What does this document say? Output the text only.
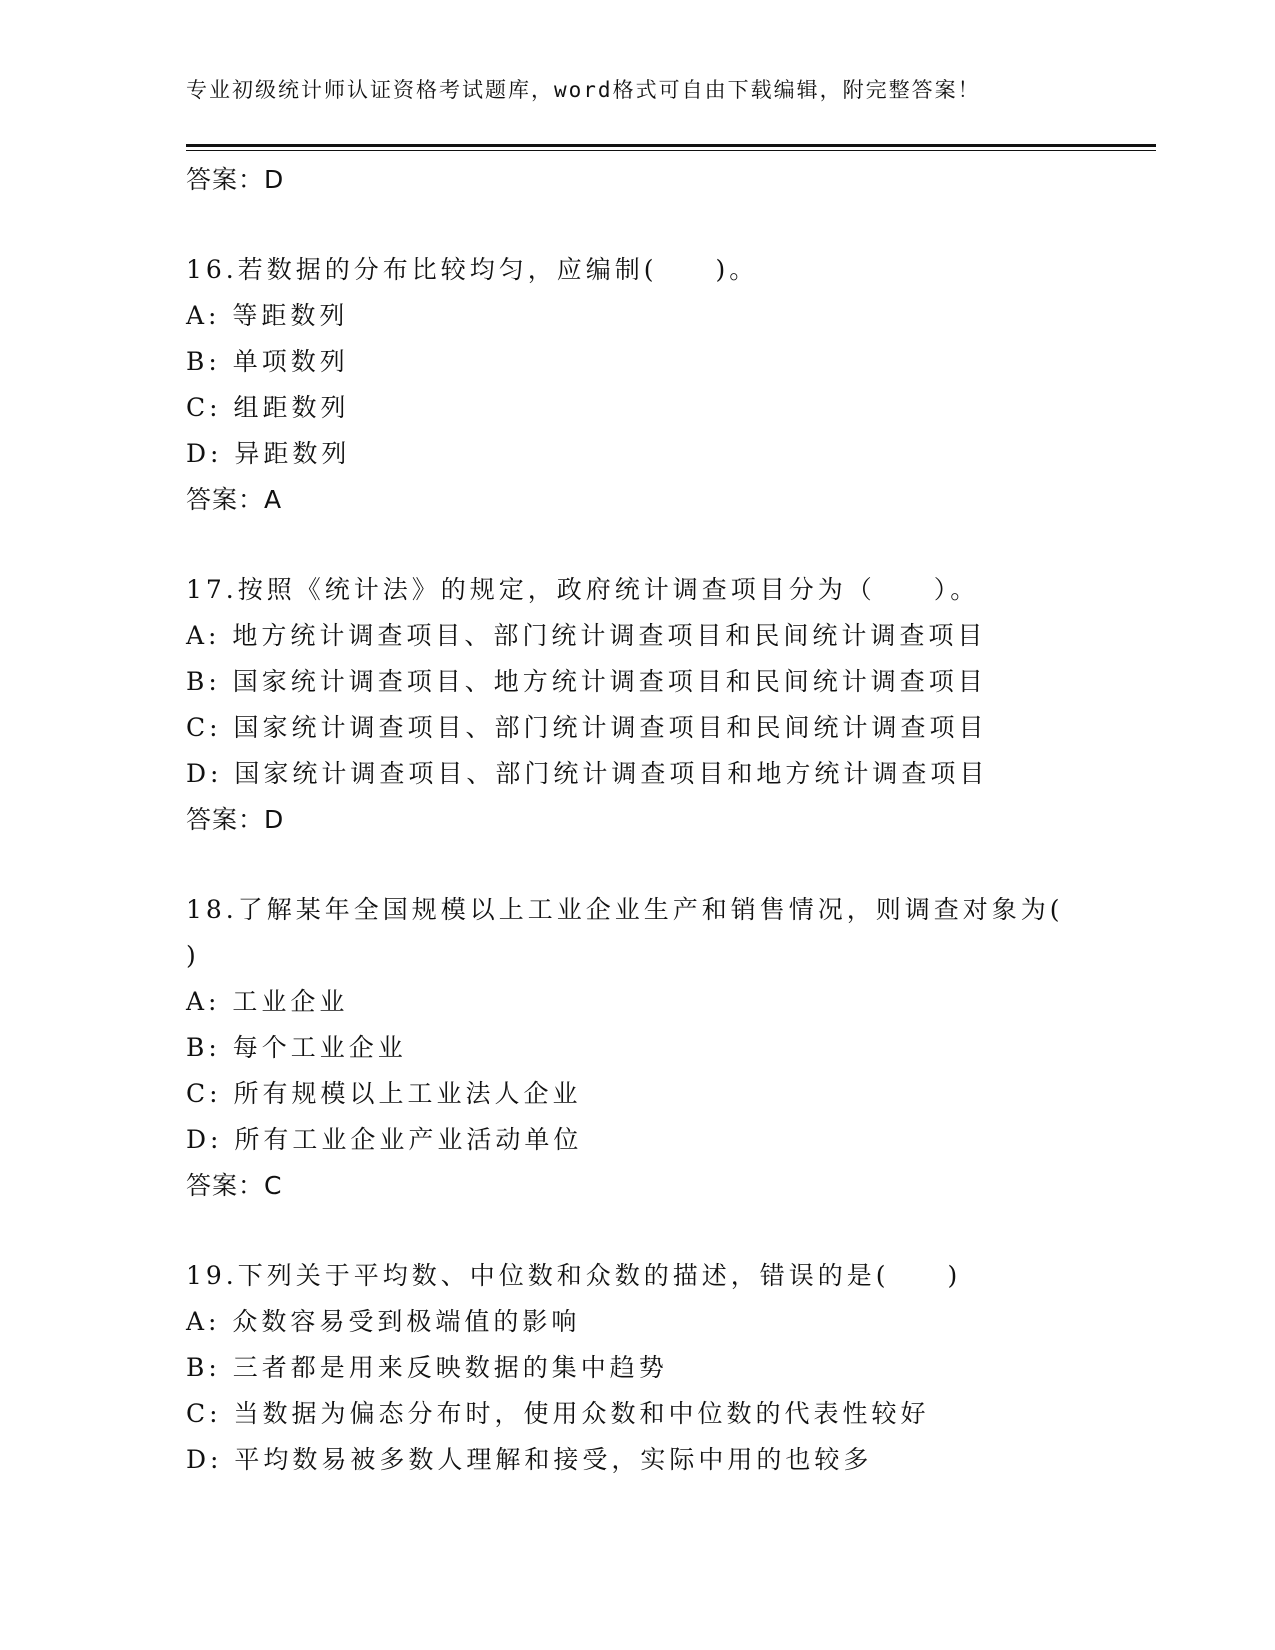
专业初级统计师认证资格考试题库，word格式可自由下载编辑，附完整答案！
答案：D
16.若数据的分布比较均匀，应编制(　　)。
A: 等距数列
B: 单项数列
C: 组距数列
D: 异距数列
答案：A
17.按照《统计法》的规定，政府统计调查项目分为（　　）。
A: 地方统计调查项目、部门统计调查项目和民间统计调查项目
B: 国家统计调查项目、地方统计调查项目和民间统计调查项目
C: 国家统计调查项目、部门统计调查项目和民间统计调查项目
D: 国家统计调查项目、部门统计调查项目和地方统计调查项目
答案：D
18.了解某年全国规模以上工业企业生产和销售情况，则调查对象为(
)
A: 工业企业
B: 每个工业企业
C: 所有规模以上工业法人企业
D: 所有工业企业产业活动单位
答案：C
19.下列关于平均数、中位数和众数的描述，错误的是(　　)
A: 众数容易受到极端值的影响
B: 三者都是用来反映数据的集中趋势
C: 当数据为偏态分布时，使用众数和中位数的代表性较好
D: 平均数易被多数人理解和接受，实际中用的也较多
